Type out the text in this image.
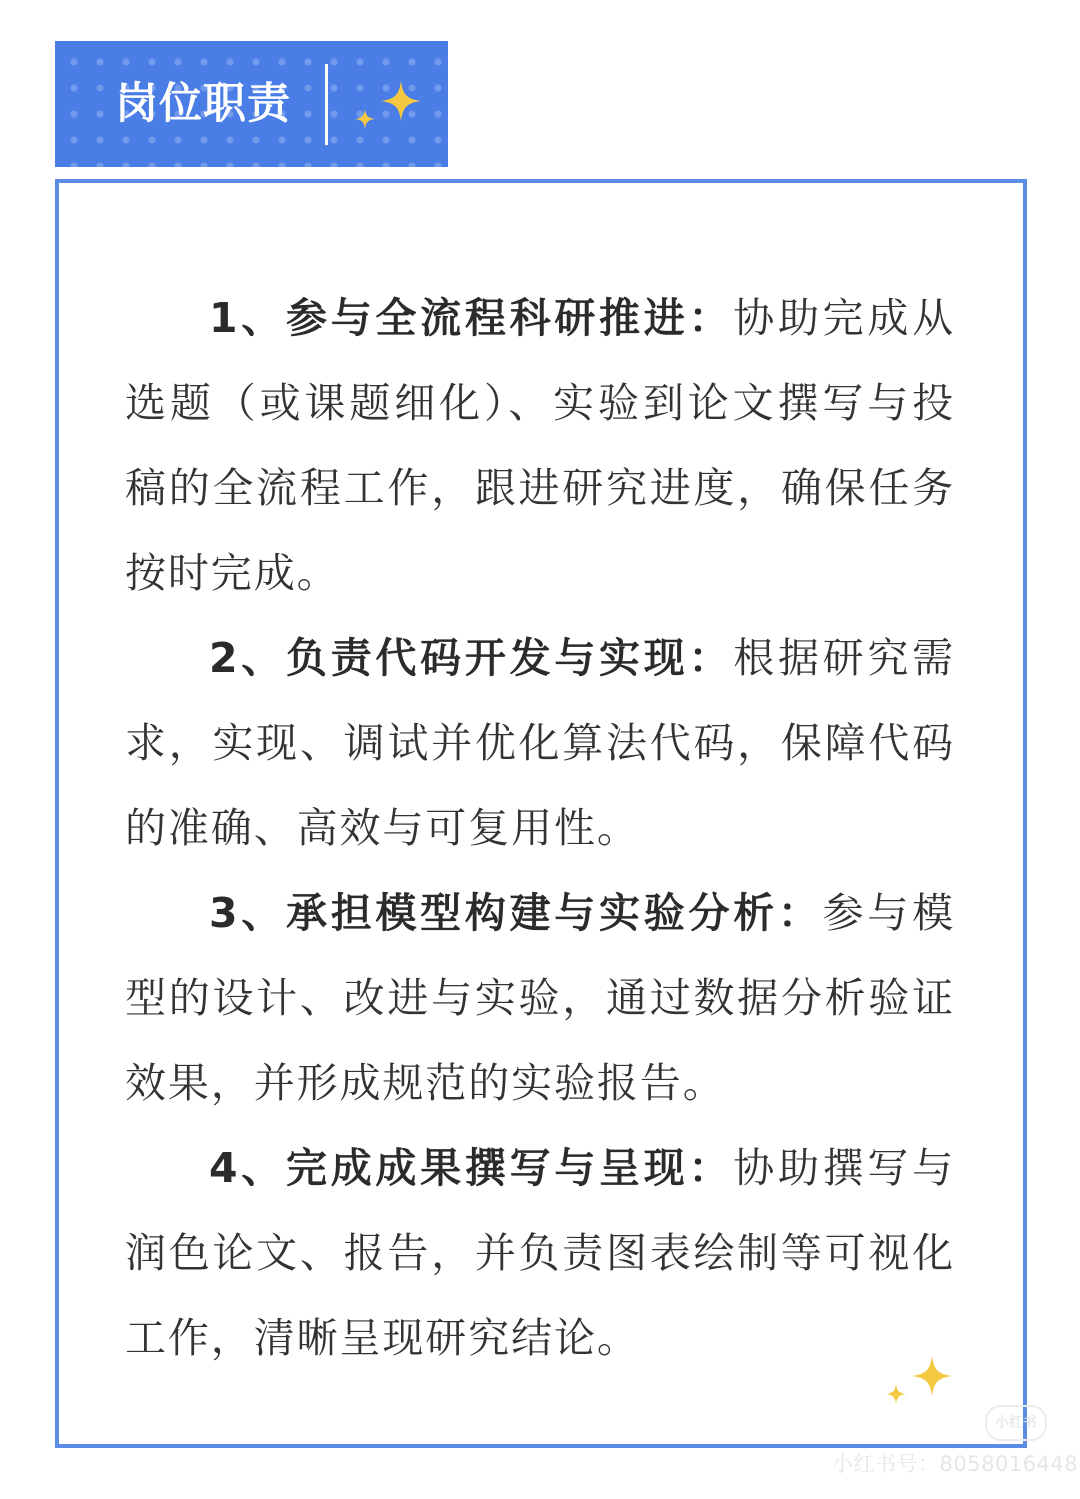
岗位职责

1、参与全流程科研推进：协助完成从选题（或课题细化）、实验到论文撰写与投稿的全流程工作，跟进研究进度，确保任务按时完成。

2、负责代码开发与实现：根据研究需求，实现、调试并优化算法代码，保障代码的准确、高效与可复用性。

3、承担模型构建与实验分析：参与模型的设计、改进与实验，通过数据分析验证效果，并形成规范的实验报告。

4、完成成果撰写与呈现：协助撰写与润色论文、报告，并负责图表绘制等可视化工作，清晰呈现研究结论。

小红书
小红书号：8058016448
